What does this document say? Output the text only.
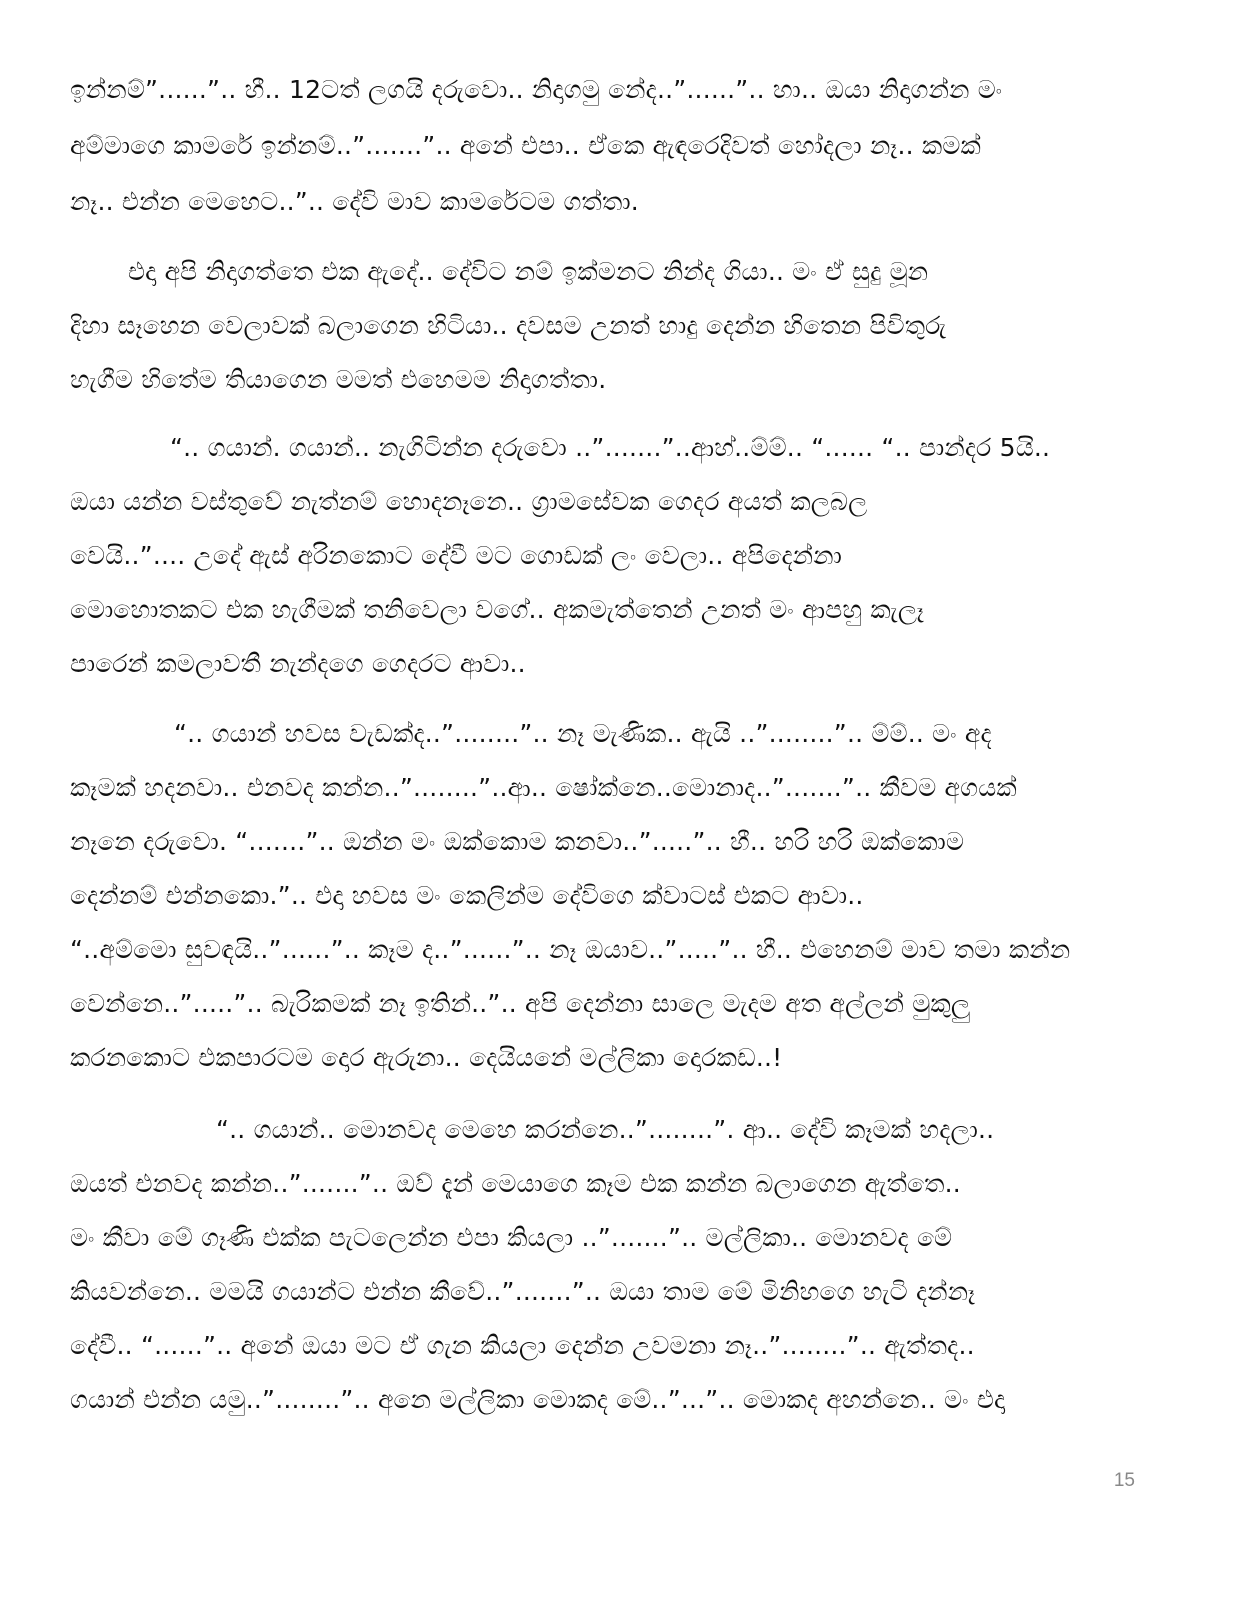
ඉන්නම්”......”.. හී.. 12ටත් ලගයි දරුවො.. නිදාගමු නේද..”......”.. හා.. ඔයා නිදාගන්න මං
අම්මාගෙ කාමරේ ඉන්නම්..”.......”.. අනේ එපා.. ඒකෙ ඇඳරෙදිවත් හෝදලා නෑ.. කමක්
නෑ.. එන්න මෙහෙට..”.. දේවි මාව කාමරේටම ගත්තා.
එදා අපි නිදාගත්තෙ එක ඇදේ.. දේවිට නම් ඉක්මනට නින්ද ගියා.. මං ඒ සුදු මූන
දිහා සෑහෙන වෙලාවක් බලාගෙන හිටියා.. දවසම උනත් හාදු දෙන්න හිතෙන පිවිතුරු
හැගීම හිතේම තියාගෙන මමත් එහෙමම නිදාගත්තා.
“.. ගයාන්. ගයාන්.. නැගිටින්න දරුවො ..”.......”..ආහ්..ම්ම්.. “...... “.. පාන්දර 5යි..
ඔයා යන්න වස්තුවේ නැත්නම් හොදනෑනෙ.. ග්‍රාමසේවක ගෙදර අයත් කලබල
වෙයි..”.... උදේ ඇස් අරිනකොට දේවී මට ගොඩක් ලං වෙලා.. අපිදෙන්නා
මොහොතකට එක හැගීමක් තනිවෙලා වගේ.. අකමැත්තෙන් උනත් මං ආපහු කැලෑ
පාරෙන් කමලාවතී නැන්දගෙ ගෙදරට ආවා..
“.. ගයාන් හවස වැඩක්ද..”........”.. නෑ මැණික.. ඇයි ..”........”.. ම්ම්.. මං අද
කෑමක් හදනවා.. එනවද කන්න..”........”..ආ.. ෂෝක්නෙ..මොනාද..”.......”.. කීවම අගයක්
නෑනෙ දරුවො. “.......”.. ඔන්න මං ඔක්කොම කනවා..”.....”.. හී.. හරි හරි ඔක්කොම
දෙන්නම් එන්නකො.”.. එදා හවස මං කෙලින්ම දේවිගෙ ක්වාටස් එකට ආවා..
“..අම්මො සුවඳයි..”......”.. කෑම ද..”......”.. නෑ ඔයාව..”.....”.. හී.. එහෙනම් මාව තමා කන්න
වෙන්නෙ..”.....”.. බැරිකමක් නෑ ඉතින්..”.. අපි දෙන්නා සාලෙ මැදම අත අල්ලන් මුකුලු
කරනකොට එකපාරටම දොර ඇරුනා.. දෙයියනේ මල්ලිකා දොරකඩ..!
“.. ගයාන්.. මොනවද මෙහෙ කරන්නෙ..”........”. ආ.. දේවි කෑමක් හදලා..
ඔයත් එනවද කන්න..”.......”.. ඔව් දැන් මෙයාගෙ කෑම එක කන්න බලාගෙන ඇත්තෙ..
මං කීවා මේ ගෑණි එක්ක පැටලෙන්න එපා කියලා ..”.......”.. මල්ලිකා.. මොනවද මේ
කියවන්නෙ.. මමයි ගයාන්ට එන්න කීවේ..”.......”.. ඔයා තාම මේ මිනිහගෙ හැටි දන්නෑ
දේවී.. “......”.. අනේ ඔයා මට ඒ ගැන කියලා දෙන්න උවමනා නෑ..”........”.. ඇත්තද..
ගයාන් එන්න යමු..”........”.. අනෙ මල්ලිකා මොකද මේ..”...”.. මොකද අහන්නෙ.. මං එදා
15
